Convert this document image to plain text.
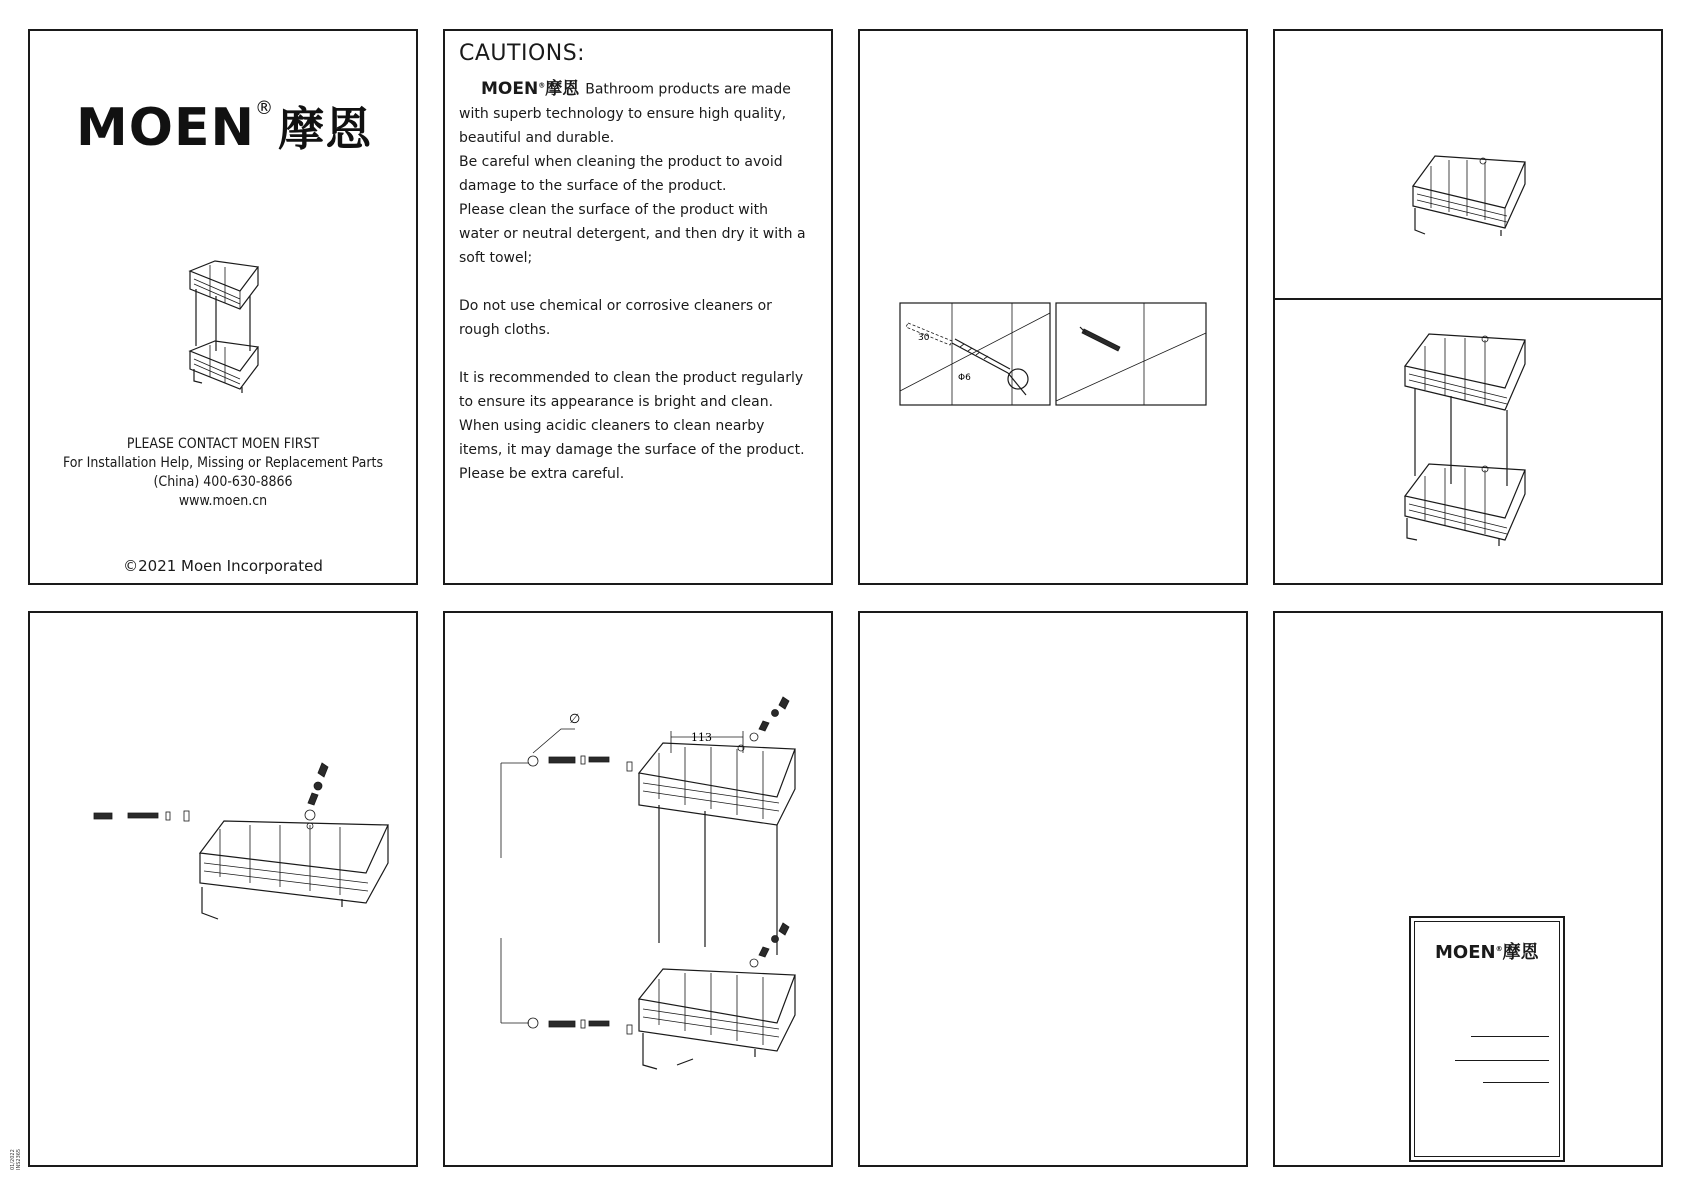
MOEN®摩恩
PLEASE CONTACT MOEN FIRST
For Installation Help, Missing or Replacement Parts
(China) 400-630-8866
www.moen.cn
©2021 Moen Incorporated
CAUTIONS:

MOEN®摩恩 Bathroom products are made with superb technology to ensure high quality, beautiful and durable.

Be careful when cleaning the product to avoid damage to the surface of the product.

Please clean the surface of the product with water or neutral detergent, and then dry it with a soft towel;

Do not use chemical or corrosive cleaners or rough cloths.

It is recommended to clean the product regularly to ensure its appearance is bright and clean.

When using acidic cleaners to clean nearby items, it may damage the surface of the product.

Please be extra careful.

30
Φ6
∅
113
MOEN®摩恩
01/2022 INS2365
